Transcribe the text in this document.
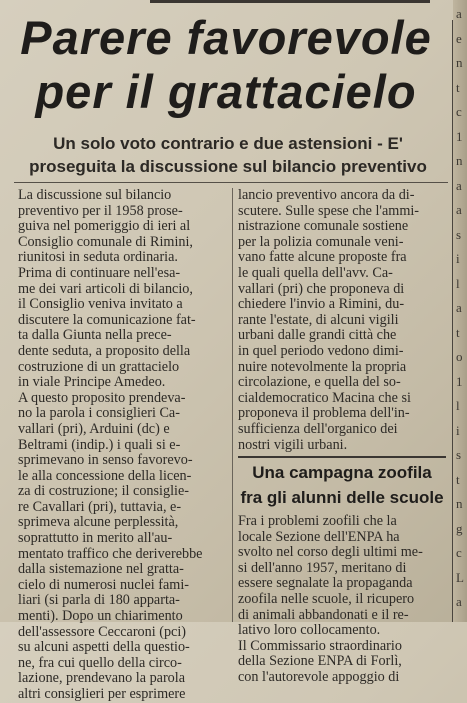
Parere favorevole
per il grattacielo
Un solo voto contrario e due astensioni - E'
proseguita la discussione sul bilancio preventivo
La discussione sul bilancio
preventivo per il 1958 prose-
guiva nel pomeriggio di ieri al
Consiglio comunale di Rimini,
riunitosi in seduta ordinaria.
Prima di continuare nell'esa-
me dei vari articoli di bilancio,
il Consiglio veniva invitato a
discutere la comunicazione fat-
ta dalla Giunta nella prece-
dente seduta, a proposito della
costruzione di un grattacielo
in viale Principe Amedeo.
A questo proposito prendeva-
no la parola i consiglieri Ca-
vallari (pri), Arduini (dc) e
Beltrami (indip.) i quali si e-
sprimevano in senso favorevo-
le alla concessione della licen-
za di costruzione; il consiglie-
re Cavallari (pri), tuttavia, e-
sprimeva alcune perplessità,
soprattutto in merito all'au-
mentato traffico che deriverebbe
dalla sistemazione nel gratta-
cielo di numerosi nuclei fami-
liari (si parla di 180 apparta-
menti). Dopo un chiarimento
dell'assessore Ceccaroni (pci)
su alcuni aspetti della questio-
ne, fra cui quello della circo-
lazione, prendevano la parola
altri consiglieri per esprimere
lancio preventivo ancora da di-
scutere. Sulle spese che l'ammi-
nistrazione comunale sostiene
per la polizia comunale veni-
vano fatte alcune proposte fra
le quali quella dell'avv. Ca-
vallari (pri) che proponeva di
chiedere l'invio a Rimini, du-
rante l'estate, di alcuni vigili
urbani dalle grandi città che
in quel periodo vedono dimi-
nuire notevolmente la propria
circolazione, e quella del so-
cialdemocratico Macina che si
proponeva il problema dell'in-
sufficienza dell'organico dei
nostri vigili urbani.
Una campagna zoofila
fra gli alunni delle scuole
Fra i problemi zoofili che la
locale Sezione dell'ENPA ha
svolto nel corso degli ultimi me-
si dell'anno 1957, meritano di
essere segnalate la propaganda
zoofila nelle scuole, il ricupero
di animali abbandonati e il re-
lativo loro collocamento.
Il Commissario straordinario
della Sezione ENPA di Forlì,
con l'autorevole appoggio di
a
e
n
t
c
1
n
a
a
s
i
l
a
t
o
1
l
i
s
t
n
g
c
L
a
